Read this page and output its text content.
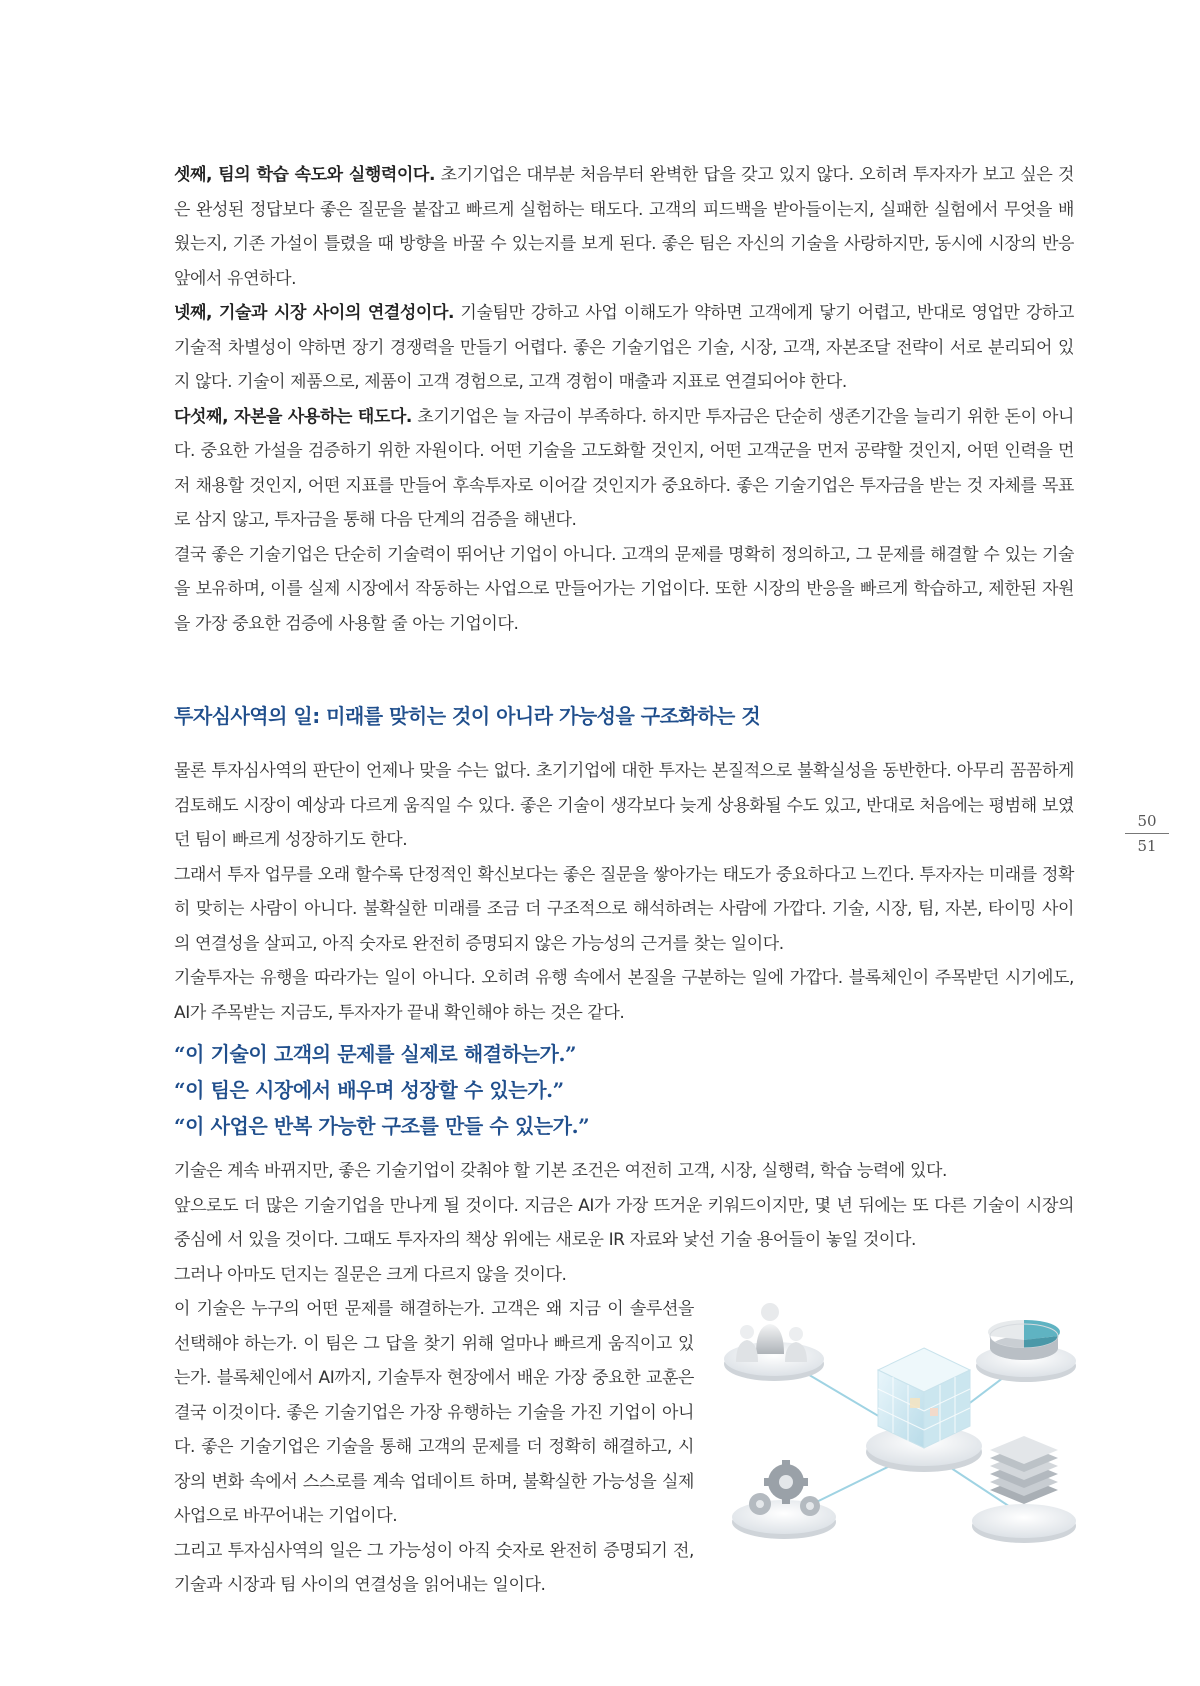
셋째, 팀의 학습 속도와 실행력이다. 초기기업은 대부분 처음부터 완벽한 답을 갖고 있지 않다. 오히려 투자자가 보고 싶은 것은 완성된 정답보다 좋은 질문을 붙잡고 빠르게 실험하는 태도다. 고객의 피드백을 받아들이는지, 실패한 실험에서 무엇을 배웠는지, 기존 가설이 틀렸을 때 방향을 바꿀 수 있는지를 보게 된다. 좋은 팀은 자신의 기술을 사랑하지만, 동시에 시장의 반응 앞에서 유연하다.

넷째, 기술과 시장 사이의 연결성이다. 기술팀만 강하고 사업 이해도가 약하면 고객에게 닿기 어렵고, 반대로 영업만 강하고 기술적 차별성이 약하면 장기 경쟁력을 만들기 어렵다. 좋은 기술기업은 기술, 시장, 고객, 자본조달 전략이 서로 분리되어 있지 않다. 기술이 제품으로, 제품이 고객 경험으로, 고객 경험이 매출과 지표로 연결되어야 한다.

다섯째, 자본을 사용하는 태도다. 초기기업은 늘 자금이 부족하다. 하지만 투자금은 단순히 생존기간을 늘리기 위한 돈이 아니다. 중요한 가설을 검증하기 위한 자원이다. 어떤 기술을 고도화할 것인지, 어떤 고객군을 먼저 공략할 것인지, 어떤 인력을 먼저 채용할 것인지, 어떤 지표를 만들어 후속투자로 이어갈 것인지가 중요하다. 좋은 기술기업은 투자금을 받는 것 자체를 목표로 삼지 않고, 투자금을 통해 다음 단계의 검증을 해낸다.

결국 좋은 기술기업은 단순히 기술력이 뛰어난 기업이 아니다. 고객의 문제를 명확히 정의하고, 그 문제를 해결할 수 있는 기술을 보유하며, 이를 실제 시장에서 작동하는 사업으로 만들어가는 기업이다. 또한 시장의 반응을 빠르게 학습하고, 제한된 자원을 가장 중요한 검증에 사용할 줄 아는 기업이다.

투자심사역의 일: 미래를 맞히는 것이 아니라 가능성을 구조화하는 것

물론 투자심사역의 판단이 언제나 맞을 수는 없다. 초기기업에 대한 투자는 본질적으로 불확실성을 동반한다. 아무리 꼼꼼하게 검토해도 시장이 예상과 다르게 움직일 수 있다. 좋은 기술이 생각보다 늦게 상용화될 수도 있고, 반대로 처음에는 평범해 보였던 팀이 빠르게 성장하기도 한다.

그래서 투자 업무를 오래 할수록 단정적인 확신보다는 좋은 질문을 쌓아가는 태도가 중요하다고 느낀다. 투자자는 미래를 정확히 맞히는 사람이 아니다. 불확실한 미래를 조금 더 구조적으로 해석하려는 사람에 가깝다. 기술, 시장, 팀, 자본, 타이밍 사이의 연결성을 살피고, 아직 숫자로 완전히 증명되지 않은 가능성의 근거를 찾는 일이다.

기술투자는 유행을 따라가는 일이 아니다. 오히려 유행 속에서 본질을 구분하는 일에 가깝다. 블록체인이 주목받던 시기에도, AI가 주목받는 지금도, 투자자가 끝내 확인해야 하는 것은 같다.

“이 기술이 고객의 문제를 실제로 해결하는가.”

“이 팀은 시장에서 배우며 성장할 수 있는가.”

“이 사업은 반복 가능한 구조를 만들 수 있는가.”

기술은 계속 바뀌지만, 좋은 기술기업이 갖춰야 할 기본 조건은 여전히 고객, 시장, 실행력, 학습 능력에 있다.

앞으로도 더 많은 기술기업을 만나게 될 것이다. 지금은 AI가 가장 뜨거운 키워드이지만, 몇 년 뒤에는 또 다른 기술이 시장의 중심에 서 있을 것이다. 그때도 투자자의 책상 위에는 새로운 IR 자료와 낯선 기술 용어들이 놓일 것이다.

그러나 아마도 던지는 질문은 크게 다르지 않을 것이다.

이 기술은 누구의 어떤 문제를 해결하는가. 고객은 왜 지금 이 솔루션을 선택해야 하는가. 이 팀은 그 답을 찾기 위해 얼마나 빠르게 움직이고 있는가. 블록체인에서 AI까지, 기술투자 현장에서 배운 가장 중요한 교훈은 결국 이것이다. 좋은 기술기업은 가장 유행하는 기술을 가진 기업이 아니다. 좋은 기술기업은 기술을 통해 고객의 문제를 더 정확히 해결하고, 시장의 변화 속에서 스스로를 계속 업데이트 하며, 불확실한 가능성을 실제 사업으로 바꾸어내는 기업이다.

그리고 투자심사역의 일은 그 가능성이 아직 숫자로 완전히 증명되기 전, 기술과 시장과 팀 사이의 연결성을 읽어내는 일이다.

50
51
